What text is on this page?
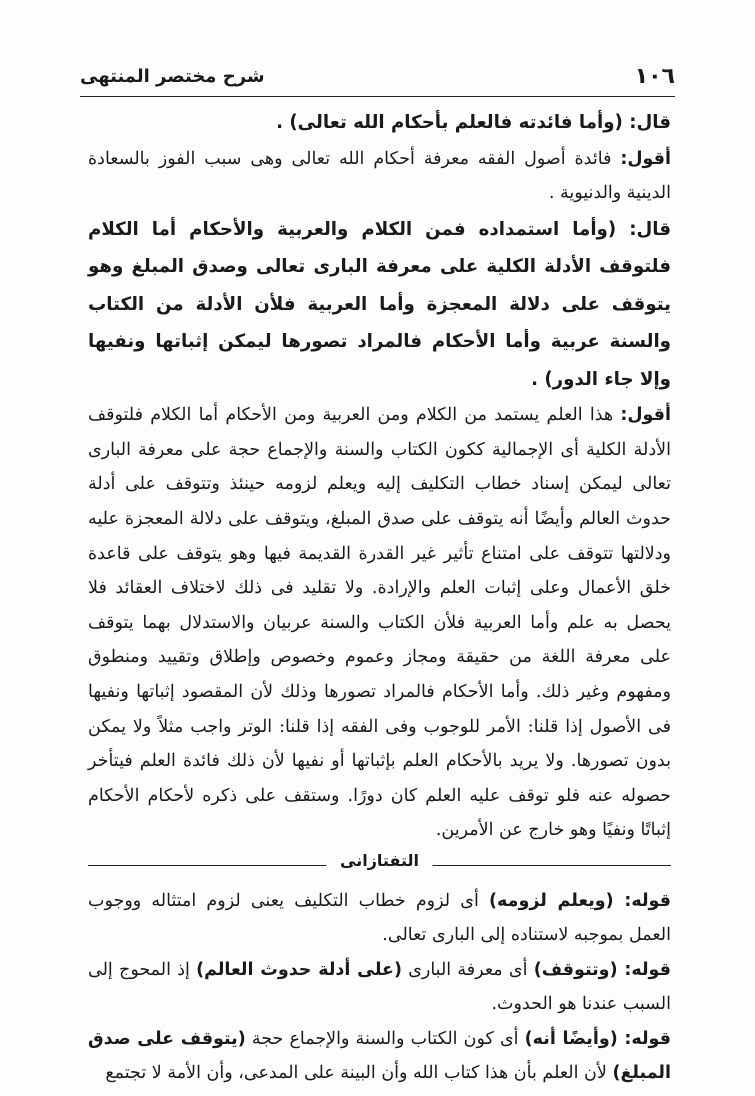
١٠٦
شرح مختصر المنتهى

قال: (وأما فائدته فالعلم بأحكام الله تعالى) .

أقول: فائدة أصول الفقه معرفة أحكام الله تعالى وهى سبب الفوز بالسعادة الدينية والدنيوية .

قال: (وأما استمداده فمن الكلام والعربية والأحكام أما الكلام فلتوقف الأدلة الكلية على معرفة البارى تعالى وصدق المبلغ وهو يتوقف على دلالة المعجزة وأما العربية فلأن الأدلة من الكتاب والسنة عربية وأما الأحكام فالمراد تصورها ليمكن إثباتها ونفيها وإلا جاء الدور) .

أقول: هذا العلم يستمد من الكلام ومن العربية ومن الأحكام أما الكلام فلتوقف الأدلة الكلية أى الإجمالية ككون الكتاب والسنة والإجماع حجة على معرفة البارى تعالى ليمكن إسناد خطاب التكليف إليه ويعلم لزومه حينئذ وتتوقف على أدلة حدوث العالم وأيضًا أنه يتوقف على صدق المبلغ، ويتوقف على دلالة المعجزة عليه ودلالتها تتوقف على امتناع تأثير غير القدرة القديمة فيها وهو يتوقف على قاعدة خلق الأعمال وعلى إثبات العلم والإرادة. ولا تقليد فى ذلك لاختلاف العقائد فلا يحصل به علم وأما العربية فلأن الكتاب والسنة عربيان والاستدلال بهما يتوقف على معرفة اللغة من حقيقة ومجاز وعموم وخصوص وإطلاق وتقييد ومنطوق ومفهوم وغير ذلك. وأما الأحكام فالمراد تصورها وذلك لأن المقصود إثباتها ونفيها فى الأصول إذا قلنا: الأمر للوجوب وفى الفقه إذا قلنا: الوتر واجب مثلاً ولا يمكن بدون تصورها. ولا يريد بالأحكام العلم بإثباتها أو نفيها لأن ذلك فائدة العلم فيتأخر حصوله عنه فلو توقف عليه العلم كان دورًا. وستقف على ذكره لأحكام الأحكام إثباتًا ونفيًا وهو خارج عن الأمرين.

التفتازانى

قوله: (ويعلم لزومه) أى لزوم خطاب التكليف يعنى لزوم امتثاله ووجوب العمل بموجبه لاستناده إلى البارى تعالى.

قوله: (وتتوقف) أى معرفة البارى (على أدلة حدوث العالم) إذ المحوج إلى السبب عندنا هو الحدوث.

قوله: (وأيضًا أنه) أى كون الكتاب والسنة والإجماع حجة (يتوقف على صدق المبلغ) لأن العلم بأن هذا كتاب الله وأن البينة على المدعى، وأن الأمة لا تجتمع
